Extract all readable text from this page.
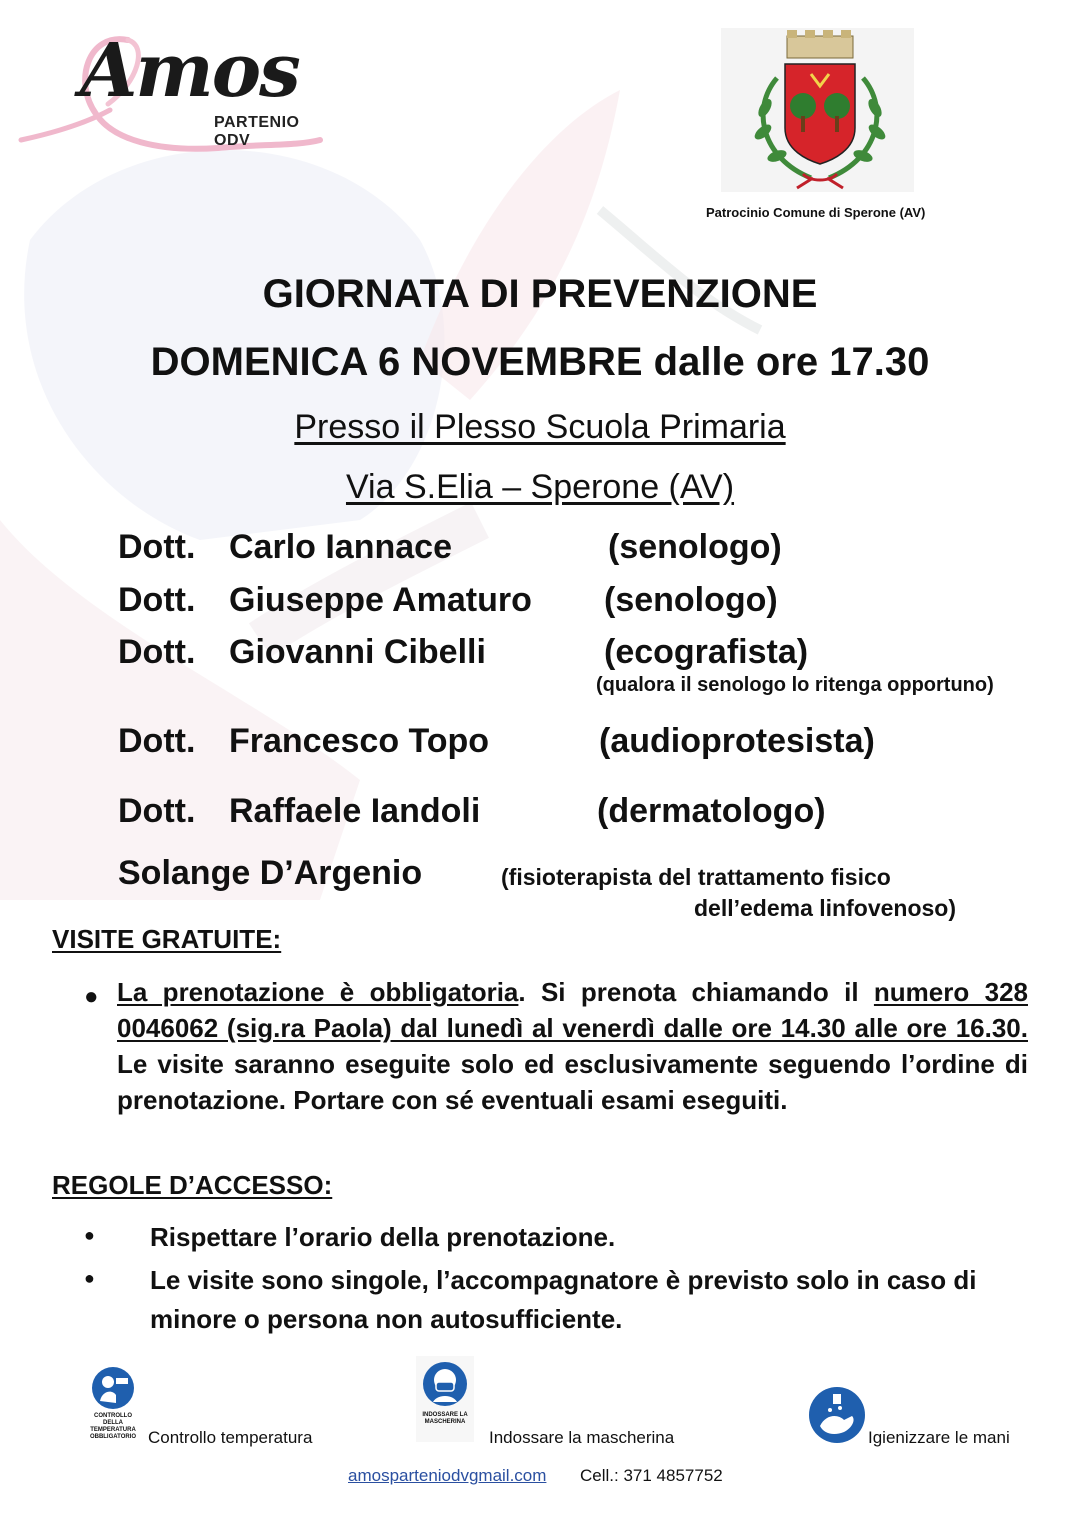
Amos
PARTENIO ODV
Patrocinio Comune di Sperone (AV)
GIORNATA DI PREVENZIONE
DOMENICA 6 NOVEMBRE dalle ore 17.30
Presso il Plesso Scuola Primaria
Via S.Elia – Sperone (AV)
Dott. Carlo Iannace	(senologo)
Dott. Giuseppe Amaturo (senologo)
Dott. Giovanni Cibelli	(ecografista)
(qualora il senologo lo ritenga opportuno)
Dott. Francesco Topo	(audioprotesista)
Dott. Raffaele Iandoli	(dermatologo)
Solange D’Argenio	(fisioterapista del trattamento fisico
dell’edema linfovenoso)
VISITE GRATUITE:
● La prenotazione è obbligatoria. Si prenota chiamando il numero 328 0046062 (sig.ra Paola) dal lunedì al venerdì dalle ore 14.30 alle ore 16.30. Le visite saranno eseguite solo ed esclusivamente seguendo l’ordine di prenotazione. Portare con sé eventuali esami eseguiti.
REGOLE D’ACCESSO:
● Rispettare l’orario della prenotazione.
● Le visite sono singole, l’accompagnatore è previsto solo in caso di minore o persona non autosufficiente.
CONTROLLO DELLA TEMPERATURA OBBLIGATORIO Controllo temperatura
INDOSSARE LA MASCHERINA
Indossare la mascherina	Igienizzare le mani
amosparteniodvgmail.com Cell.: 371 4857752
